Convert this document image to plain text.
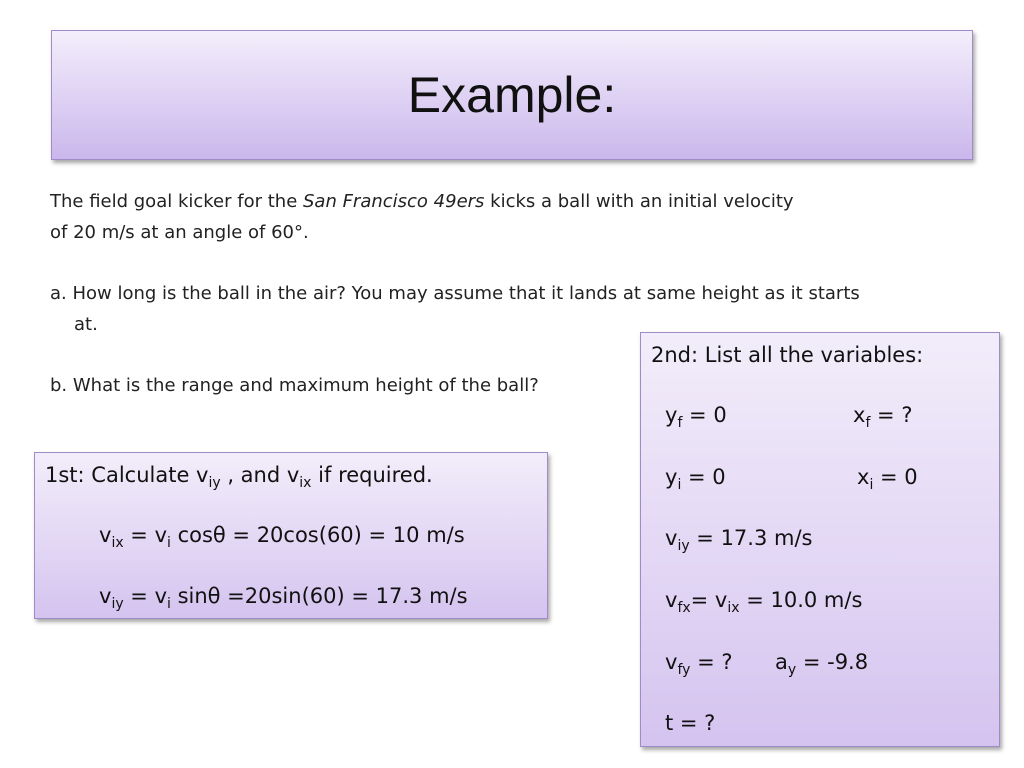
Example:

The field goal kicker for the San Francisco 49ers kicks a ball with an initial velocity

of 20 m/s at an angle of 60°.

a. How long is the ball in the air? You may assume that it lands at same height as it starts

at.

b. What is the range and maximum height of the ball?

1st: Calculate $v_{iy}$ , and $v_{ix}$ if required.
$v_{ix} = v_i$ cosθ = 20cos(60) = 10 m/s
$v_{iy} = v_i$ sinθ =20sin(60) = 17.3 m/s
2nd: List all the variables:
$y_f = 0$	$x_f$ = ?
$y_i = 0$	$x_i = 0$
$v_{iy} = 17.3$ m/s
$v_{fx}= v_{ix} = 10.0$ m/s
$v_{fy}$ = ? $a_y = -9.8$
t = ?
